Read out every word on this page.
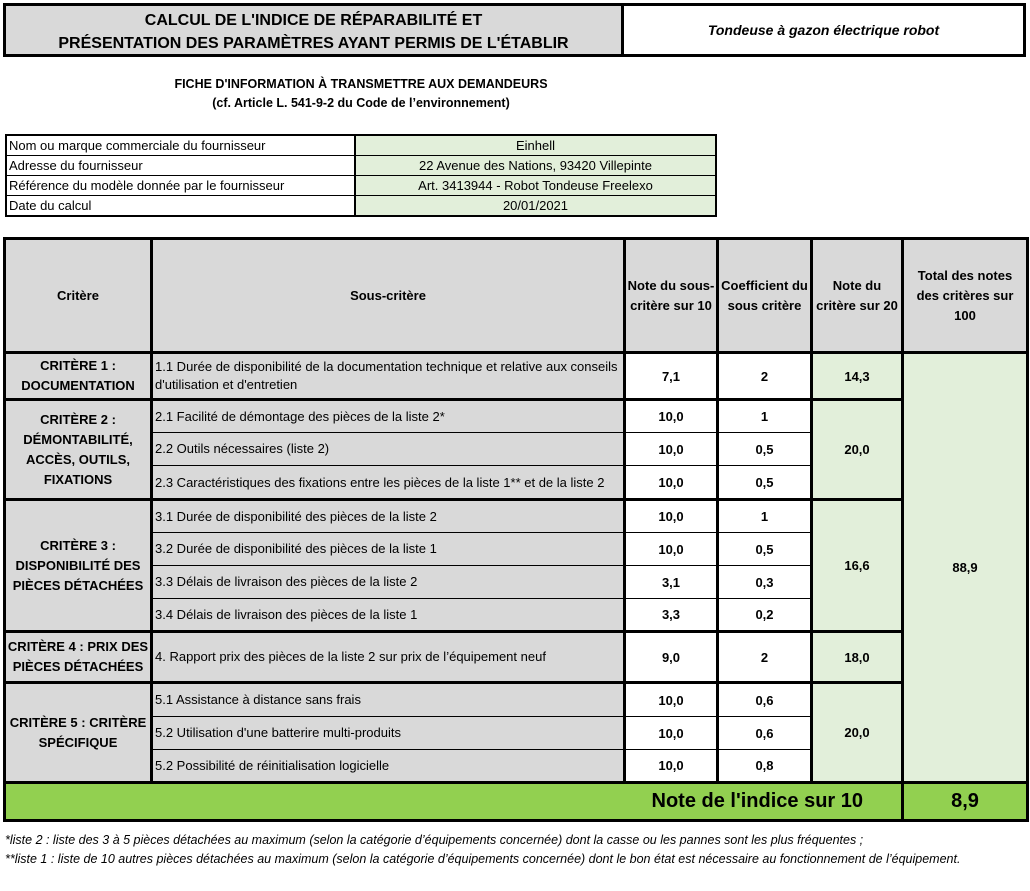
CALCUL DE L'INDICE DE RÉPARABILITÉ ET
PRÉSENTATION DES PARAMÈTRES AYANT PERMIS DE L'ÉTABLIR
Tondeuse à gazon électrique robot
FICHE D'INFORMATION À TRANSMETTRE AUX DEMANDEURS
(cf. Article L. 541-9-2 du Code de l’environnement)
Nom ou marque commerciale du fournisseur	Einhell
Adresse du fournisseur	22 Avenue des Nations, 93420 Villepinte
Référence du modèle donnée par le fournisseur	Art. 3413944 - Robot Tondeuse Freelexo
Date du calcul	20/01/2021
Critère	Sous-critère	Note du sous-critère sur 10	Coefficient du sous critère	Note du critère sur 20	Total des notes des critères sur 100
CRITÈRE 1 : DOCUMENTATION	1.1 Durée de disponibilité de la documentation technique et relative aux conseils d'utilisation et d'entretien	7,1	2	14,3	88,9
CRITÈRE 2 : DÉMONTABILITÉ, ACCÈS, OUTILS, FIXATIONS	2.1 Facilité de démontage des pièces de la liste 2*	10,0	1	20,0	
	2.2 Outils nécessaires (liste 2)	10,0	0,5		
	2.3 Caractéristiques des fixations entre les pièces de la liste 1** et de la liste 2	10,0	0,5		
CRITÈRE 3 : DISPONIBILITÉ DES PIÈCES DÉTACHÉES	3.1 Durée de disponibilité des pièces de la liste 2	10,0	1	16,6	
	3.2 Durée de disponibilité des pièces de la liste 1	10,0	0,5		
	3.3 Délais de livraison des pièces de la liste 2	3,1	0,3		
	3.4 Délais de livraison des pièces de la liste 1	3,3	0,2		
CRITÈRE 4 : PRIX DES PIÈCES DÉTACHÉES	4. Rapport prix des pièces de la liste 2 sur prix de l’équipement neuf	9,0	2	18,0	
CRITÈRE 5 : CRITÈRE SPÉCIFIQUE	5.1 Assistance à distance sans frais	10,0	0,6	20,0	
	5.2 Utilisation d'une batterire multi-produits	10,0	0,6		
	5.2 Possibilité de réinitialisation logicielle	10,0	0,8		
Note de l'indice sur 10					8,9
*liste 2 : liste des 3 à 5 pièces détachées au maximum (selon la catégorie d’équipements concernée) dont la casse ou les pannes sont les plus fréquentes ;
**liste 1 : liste de 10 autres pièces détachées au maximum (selon la catégorie d’équipements concernée) dont le bon état est nécessaire au fonctionnement de l’équipement.
